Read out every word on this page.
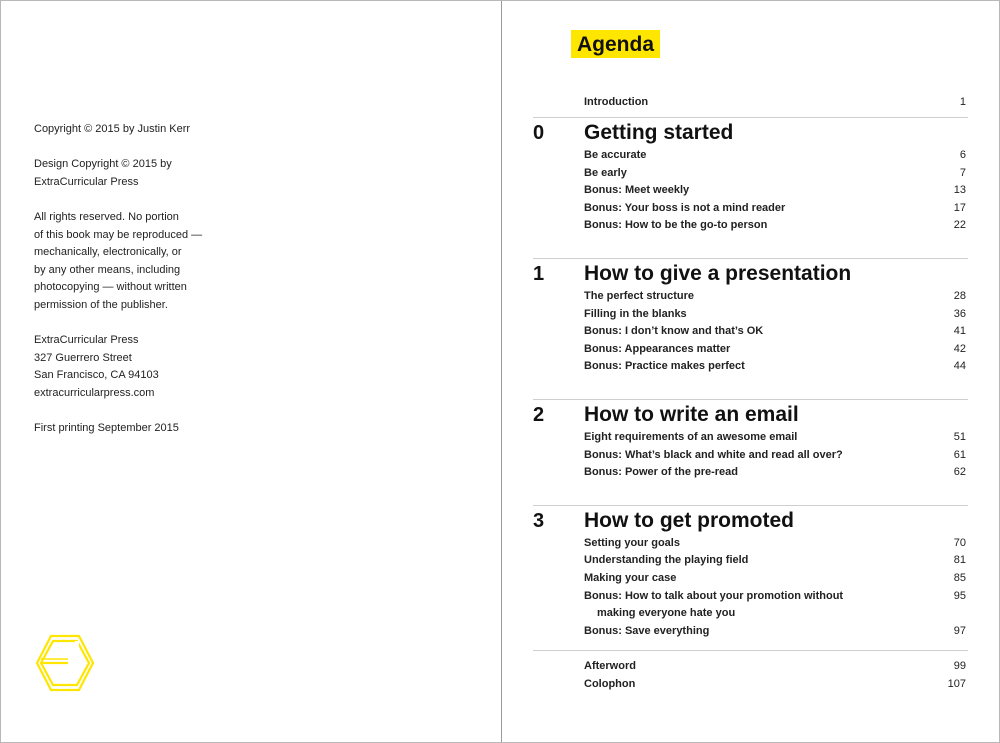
Copyright © 2015 by Justin Kerr

Design Copyright © 2015 by
ExtraCurricular Press

All rights reserved. No portion
of this book may be reproduced —
mechanically, electronically, or
by any other means, including
photocopying — without written
permission of the publisher.

ExtraCurricular Press
327 Guerrero Street
San Francisco, CA 94103
extracurricularpress.com

First printing September 2015

Agenda
Introduction	1
0 Getting started
Be accurate	6
Be early	7
Bonus: Meet weekly	13
Bonus: Your boss is not a mind reader	17
Bonus: How to be the go-to person	22
1 How to give a presentation
The perfect structure	28
Filling in the blanks	36
Bonus: I don’t know and that’s OK	41
Bonus: Appearances matter	42
Bonus: Practice makes perfect	44
2 How to write an email
Eight requirements of an awesome email	51
Bonus: What’s black and white and read all over?	61
Bonus: Power of the pre-read	62
3 How to get promoted
Setting your goals	70
Understanding the playing field	81
Making your case	85
Bonus: How to talk about your promotion without	95
making everyone hate you
Bonus: Save everything	97
Afterword	99
Colophon	107
